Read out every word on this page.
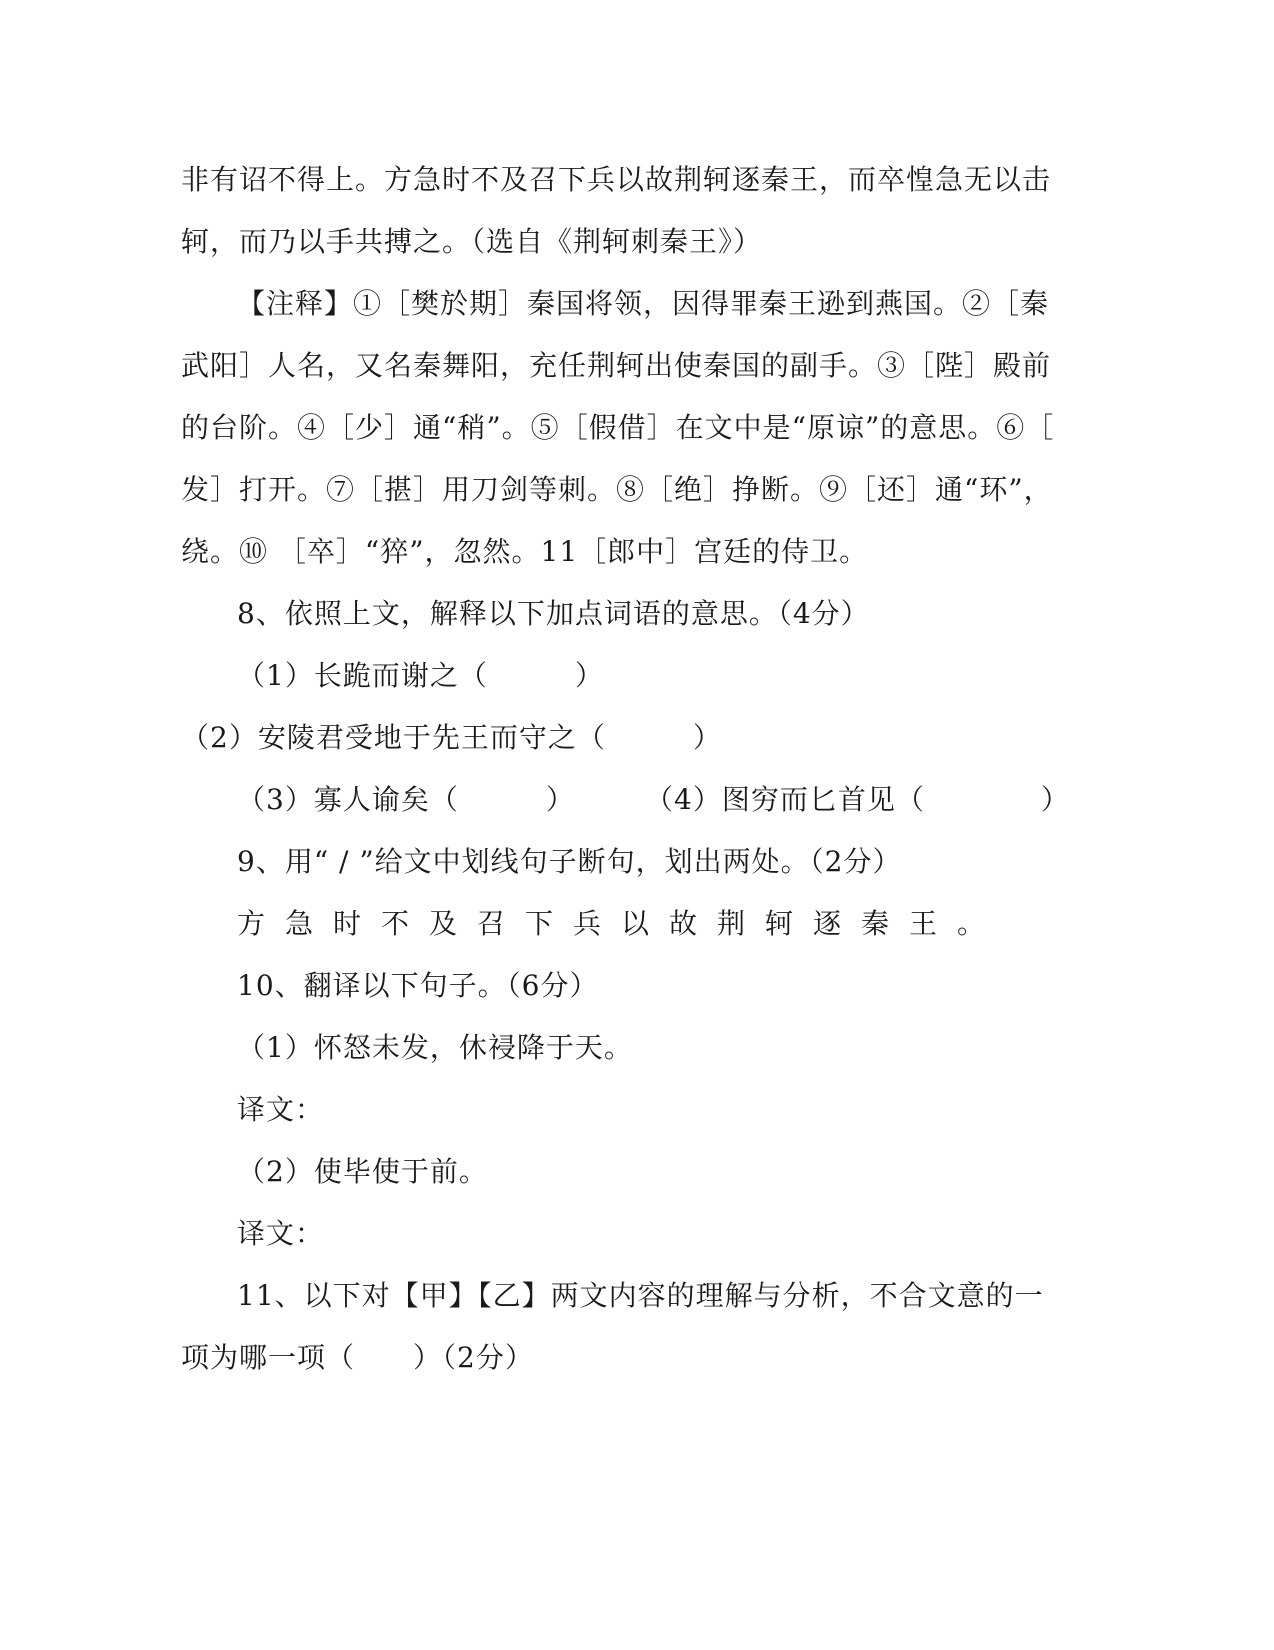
非有诏不得上。方急时不及召下兵以故荆轲逐秦王，而卒惶急无以击
轲，而乃以手共搏之。（选自《荆轲刺秦王》）
【注释】①［樊於期］秦国将领，因得罪秦王逊到燕国。②［秦
武阳］人名，又名秦舞阳，充任荆轲出使秦国的副手。③［陛］殿前
的台阶。④［少］通“稍”。⑤［假借］在文中是“原谅”的意思。⑥［
发］打开。⑦［揕］用刀剑等刺。⑧［绝］挣断。⑨［还］通“环”，
绕。⑩ ［卒］“猝”，忽然。11［郎中］宫廷的侍卫。
8、依照上文，解释以下加点词语的意思。（4分）
（1）长跪而谢之（　　　）
（2）安陵君受地于先王而守之（　　　）
（3）寡人谕矣（　　　）	（4）图穷而匕首见（　　　　）
9、用“ / ”给文中划线句子断句，划出两处。（2分）
方急时不及召下兵以故荆轲逐秦王。
10、翻译以下句子。（6分）
（1）怀怒未发，休祲降于天。
译文：
（2）使毕使于前。
译文：
11、以下对【甲】【乙】两文内容的理解与分析，不合文意的一
项为哪一项（　　）（2分）
